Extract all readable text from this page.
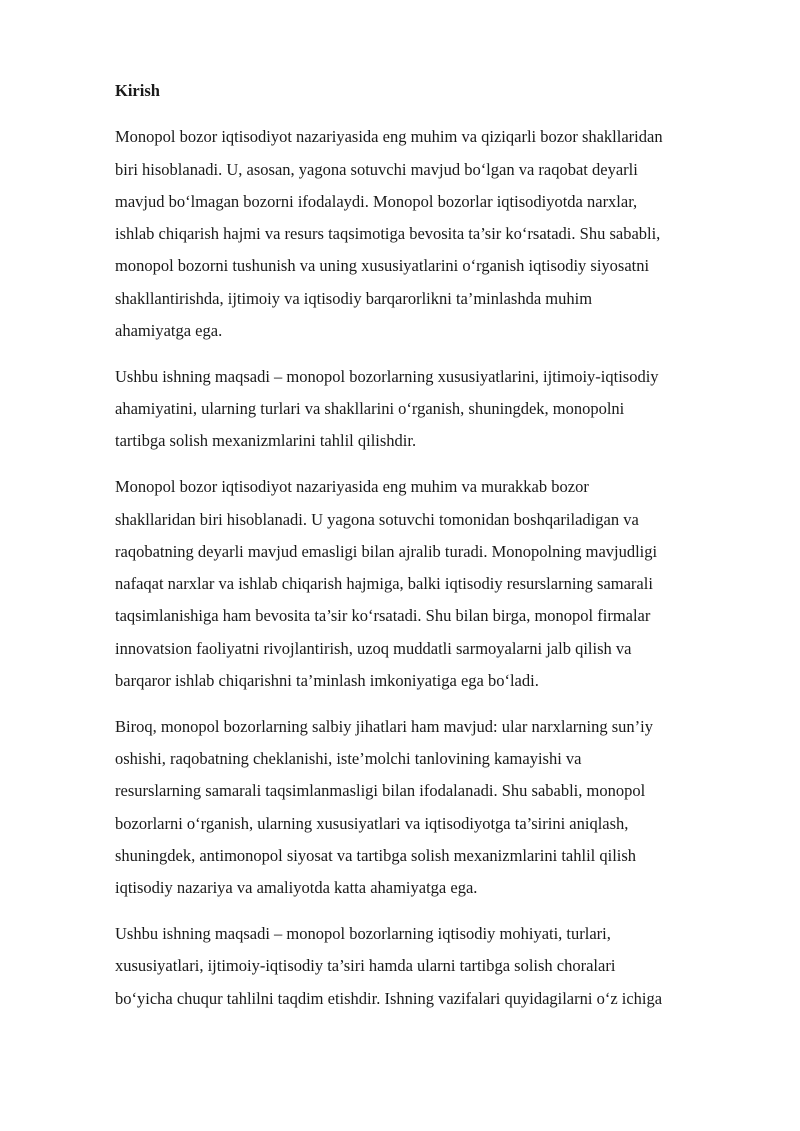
Kirish
Monopol bozor iqtisodiyot nazariyasida eng muhim va qiziqarli bozor shakllaridan
biri hisoblanadi. U, asosan, yagona sotuvchi mavjud bo‘lgan va raqobat deyarli
mavjud bo‘lmagan bozorni ifodalaydi. Monopol bozorlar iqtisodiyotda narxlar,
ishlab chiqarish hajmi va resurs taqsimotiga bevosita ta’sir ko‘rsatadi. Shu sababli,
monopol bozorni tushunish va uning xususiyatlarini o‘rganish iqtisodiy siyosatni
shakllantirishda, ijtimoiy va iqtisodiy barqarorlikni ta’minlashda muhim
ahamiyatga ega.
Ushbu ishning maqsadi – monopol bozorlarning xususiyatlarini, ijtimoiy-iqtisodiy
ahamiyatini, ularning turlari va shakllarini o‘rganish, shuningdek, monopolni
tartibga solish mexanizmlarini tahlil qilishdir.
Monopol bozor iqtisodiyot nazariyasida eng muhim va murakkab bozor
shakllaridan biri hisoblanadi. U yagona sotuvchi tomonidan boshqariladigan va
raqobatning deyarli mavjud emasligi bilan ajralib turadi. Monopolning mavjudligi
nafaqat narxlar va ishlab chiqarish hajmiga, balki iqtisodiy resurslarning samarali
taqsimlanishiga ham bevosita ta’sir ko‘rsatadi. Shu bilan birga, monopol firmalar
innovatsion faoliyatni rivojlantirish, uzoq muddatli sarmoyalarni jalb qilish va
barqaror ishlab chiqarishni ta’minlash imkoniyatiga ega bo‘ladi.
Biroq, monopol bozorlarning salbiy jihatlari ham mavjud: ular narxlarning sun’iy
oshishi, raqobatning cheklanishi, iste’molchi tanlovining kamayishi va
resurslarning samarali taqsimlanmasligi bilan ifodalanadi. Shu sababli, monopol
bozorlarni o‘rganish, ularning xususiyatlari va iqtisodiyotga ta’sirini aniqlash,
shuningdek, antimonopol siyosat va tartibga solish mexanizmlarini tahlil qilish
iqtisodiy nazariya va amaliyotda katta ahamiyatga ega.
Ushbu ishning maqsadi – monopol bozorlarning iqtisodiy mohiyati, turlari,
xususiyatlari, ijtimoiy-iqtisodiy ta’siri hamda ularni tartibga solish choralari
bo‘yicha chuqur tahlilni taqdim etishdir. Ishning vazifalari quyidagilarni o‘z ichiga
